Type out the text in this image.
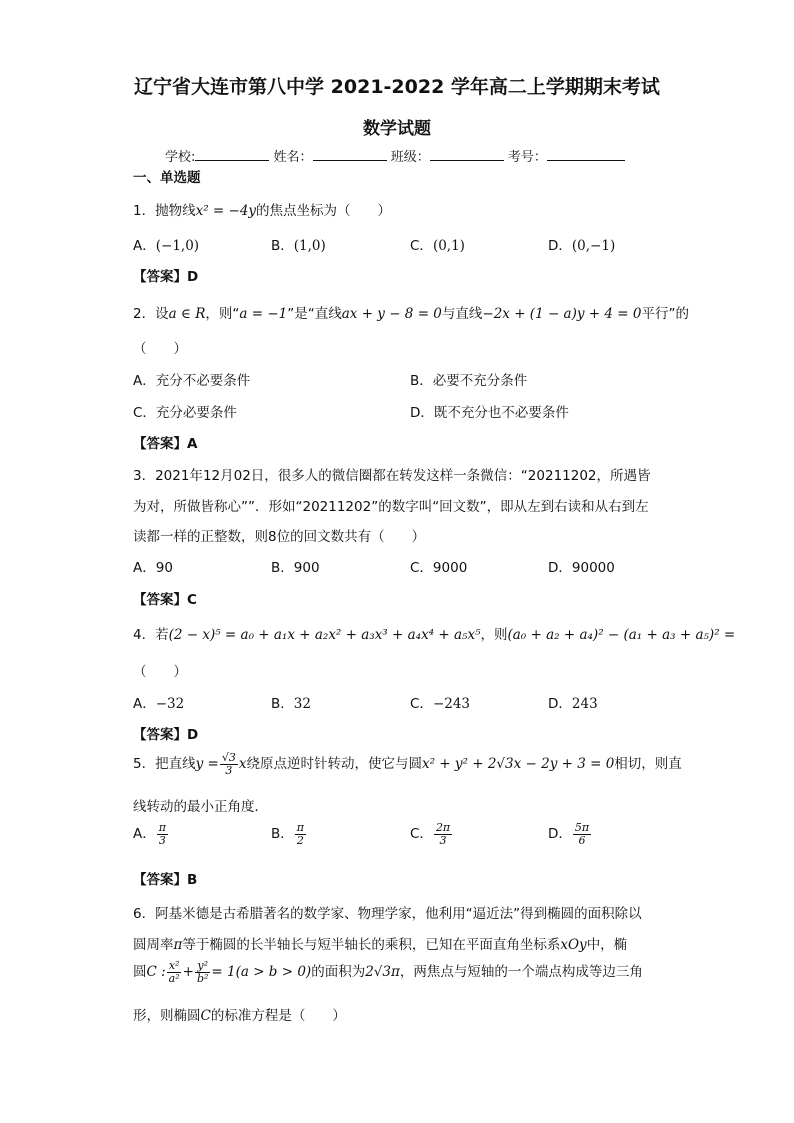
辽宁省大连市第八中学 2021-2022 学年高二上学期期末考试
数学试题
学校:	姓名：	班级：	考号：
一、单选题
1．抛物线x² = −4y的焦点坐标为（　　）
A．(−1,0)	B．(1,0)	C．(0,1)	D．(0,−1)
【答案】D
2．设a ∈ R，则“a = −1”是“直线ax + y − 8 = 0与直线−2x + (1 − a)y + 4 = 0平行”的
（　　）
A．充分不必要条件	B．必要不充分条件
C．充分必要条件	D．既不充分也不必要条件
【答案】A
3．2021年12月02日，很多人的微信圈都在转发这样一条微信：“20211202，所遇皆
为对，所做皆称心””．形如“20211202”的数字叫“回文数”，即从左到右读和从右到左
读都一样的正整数，则8位的回文数共有（　　）
A．90	B．900	C．9000	D．90000
【答案】C
4．若(2 − x)⁵ = a₀ + a₁x + a₂x² + a₃x³ + a₄x⁴ + a₅x⁵，则(a₀ + a₂ + a₄)² − (a₁ + a₃ + a₅)² =
（　　）
A．−32	B．32	C．−243	D．243
【答案】D
5．把直线$y = \frac{√3}{3}$ x绕原点逆时针转动，使它与圆x² + y² + 2√3x − 2y + 3 = 0相切，则直
线转动的最小正角度．
A． $\frac{\pi}{3}$	B． $\frac{\pi}{2}$	C． $\frac{2\pi}{3}$	D． $\frac{5\pi}{6}$
【答案】B
6．阿基米德是古希腊著名的数学家、物理学家，他利用“逼近法”得到椭圆的面积除以
圆周率π等于椭圆的长半轴长与短半轴长的乘积，已知在平面直角坐标系xOy中，椭
圆C : $\frac{\text{x²}}{\text{a²}} + \frac{\text{y²}}{\text{b²}} = 1(a > b > 0)$的面积为2√3π，两焦点与短轴的一个端点构成等边三角
形，则椭圆C的标准方程是（　　）
